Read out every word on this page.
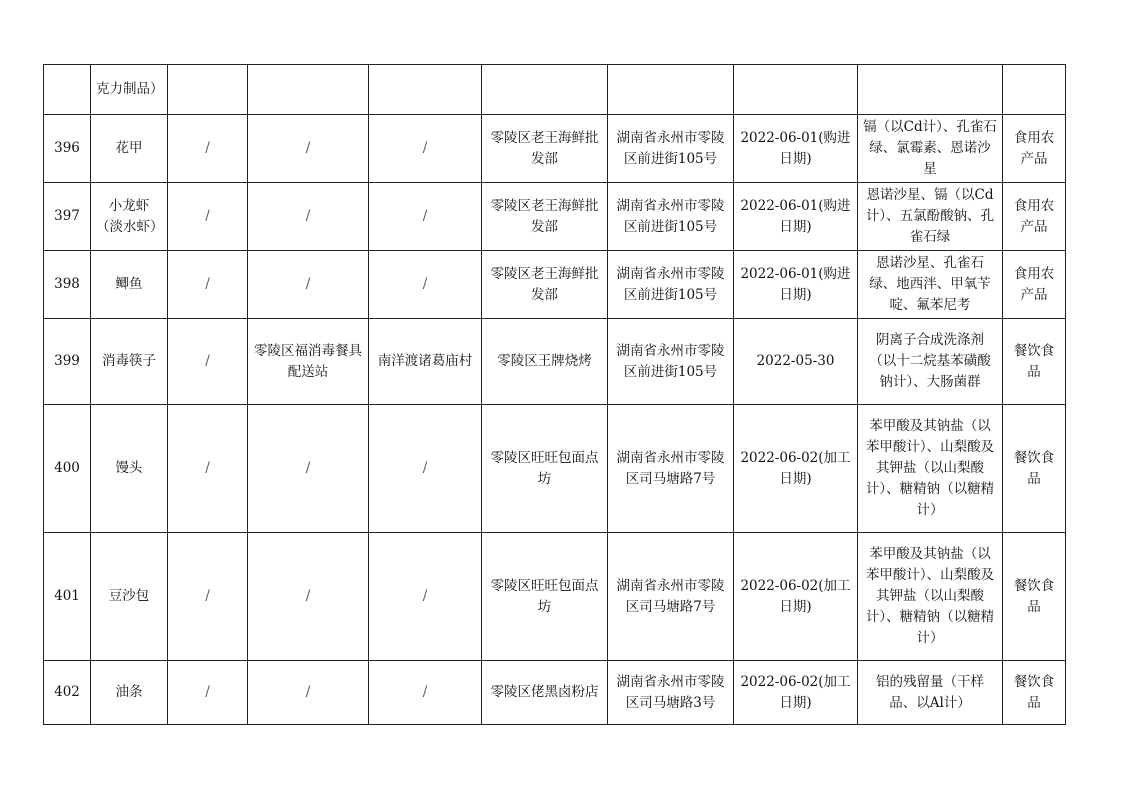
	克力制品）								
396	花甲	/	/	/	零陵区老王海鲜批发部	湖南省永州市零陵区前进街105号	2022-06-01(购进日期)	镉（以Cd计）、孔雀石绿、氯霉素、恩诺沙星	食用农产品
397	小龙虾（淡水虾）	/	/	/	零陵区老王海鲜批发部	湖南省永州市零陵区前进街105号	2022-06-01(购进日期)	恩诺沙星、镉（以Cd计）、五氯酚酸钠、孔雀石绿	食用农产品
398	鲫鱼	/	/	/	零陵区老王海鲜批发部	湖南省永州市零陵区前进街105号	2022-06-01(购进日期)	恩诺沙星、孔雀石绿、地西泮、甲氧苄啶、氟苯尼考	食用农产品
399	消毒筷子	/	零陵区福消毒餐具配送站	南洋渡诸葛庙村	零陵区王牌烧烤	湖南省永州市零陵区前进街105号	2022-05-30	阴离子合成洗涤剂（以十二烷基苯磺酸钠计）、大肠菌群	餐饮食品
400	馒头	/	/	/	零陵区旺旺包面点坊	湖南省永州市零陵区司马塘路7号	2022-06-02(加工日期)	苯甲酸及其钠盐（以苯甲酸计）、山梨酸及其钾盐（以山梨酸计）、糖精钠（以糖精计）	餐饮食品
401	豆沙包	/	/	/	零陵区旺旺包面点坊	湖南省永州市零陵区司马塘路7号	2022-06-02(加工日期)	苯甲酸及其钠盐（以苯甲酸计）、山梨酸及其钾盐（以山梨酸计）、糖精钠（以糖精计）	餐饮食品
402	油条	/	/	/	零陵区佬黑卤粉店	湖南省永州市零陵区司马塘路3号	2022-06-02(加工日期)	铝的残留量（干样品、以Al计）	餐饮食品
